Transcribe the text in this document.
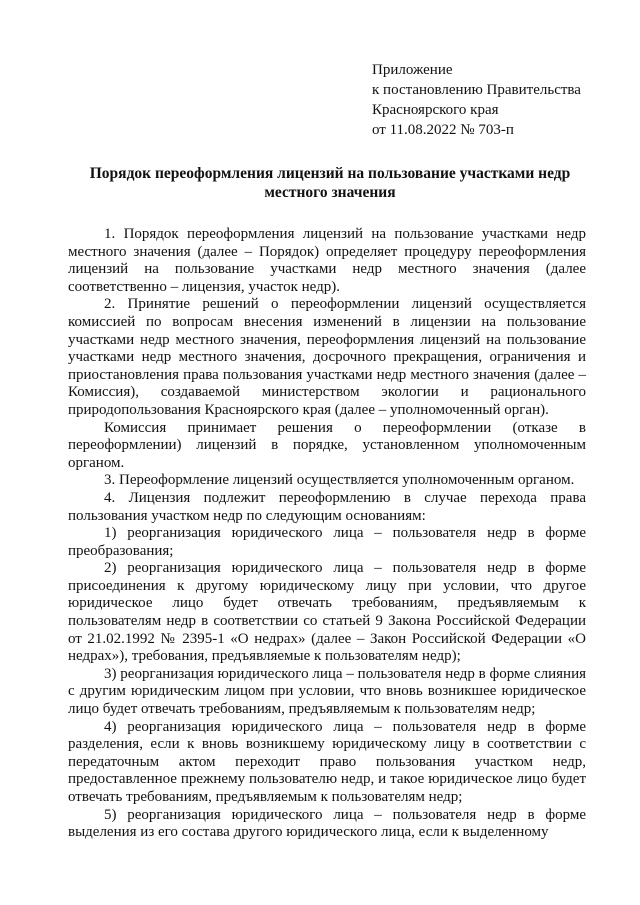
Приложение
к постановлению Правительства
Красноярского края
от 11.08.2022 № 703-п
Порядок переоформления лицензий на пользование участками недр
местного значения

1. Порядок переоформления лицензий на пользование участками недр местного значения (далее – Порядок) определяет процедуру переоформления лицензий на пользование участками недр местного значения (далее соответственно – лицензия, участок недр).

2. Принятие решений о переоформлении лицензий осуществляется комиссией по вопросам внесения изменений в лицензии на пользование участками недр местного значения, переоформления лицензий на пользование участками недр местного значения, досрочного прекращения, ограничения и приостановления права пользования участками недр местного значения (далее – Комиссия), создаваемой министерством экологии и рационального природопользования Красноярского края (далее – уполномоченный орган).

Комиссия принимает решения о переоформлении (отказе в переоформлении) лицензий в порядке, установленном уполномоченным органом.

3. Переоформление лицензий осуществляется уполномоченным органом.

4. Лицензия подлежит переоформлению в случае перехода права пользования участком недр по следующим основаниям:

1) реорганизация юридического лица – пользователя недр в форме преобразования;

2) реорганизация юридического лица – пользователя недр в форме присоединения к другому юридическому лицу при условии, что другое юридическое лицо будет отвечать требованиям, предъявляемым к пользователям недр в соответствии со статьей 9 Закона Российской Федерации от 21.02.1992 № 2395-1 «О недрах» (далее – Закон Российской Федерации «О недрах»), требования, предъявляемые к пользователям недр);

3) реорганизация юридического лица – пользователя недр в форме слияния с другим юридическим лицом при условии, что вновь возникшее юридическое лицо будет отвечать требованиям, предъявляемым к пользователям недр;

4) реорганизация юридического лица – пользователя недр в форме разделения, если к вновь возникшему юридическому лицу в соответствии с передаточным актом переходит право пользования участком недр, предоставленное прежнему пользователю недр, и такое юридическое лицо будет отвечать требованиям, предъявляемым к пользователям недр;

5) реорганизация юридического лица – пользователя недр в форме выделения из его состава другого юридического лица, если к выделенному
